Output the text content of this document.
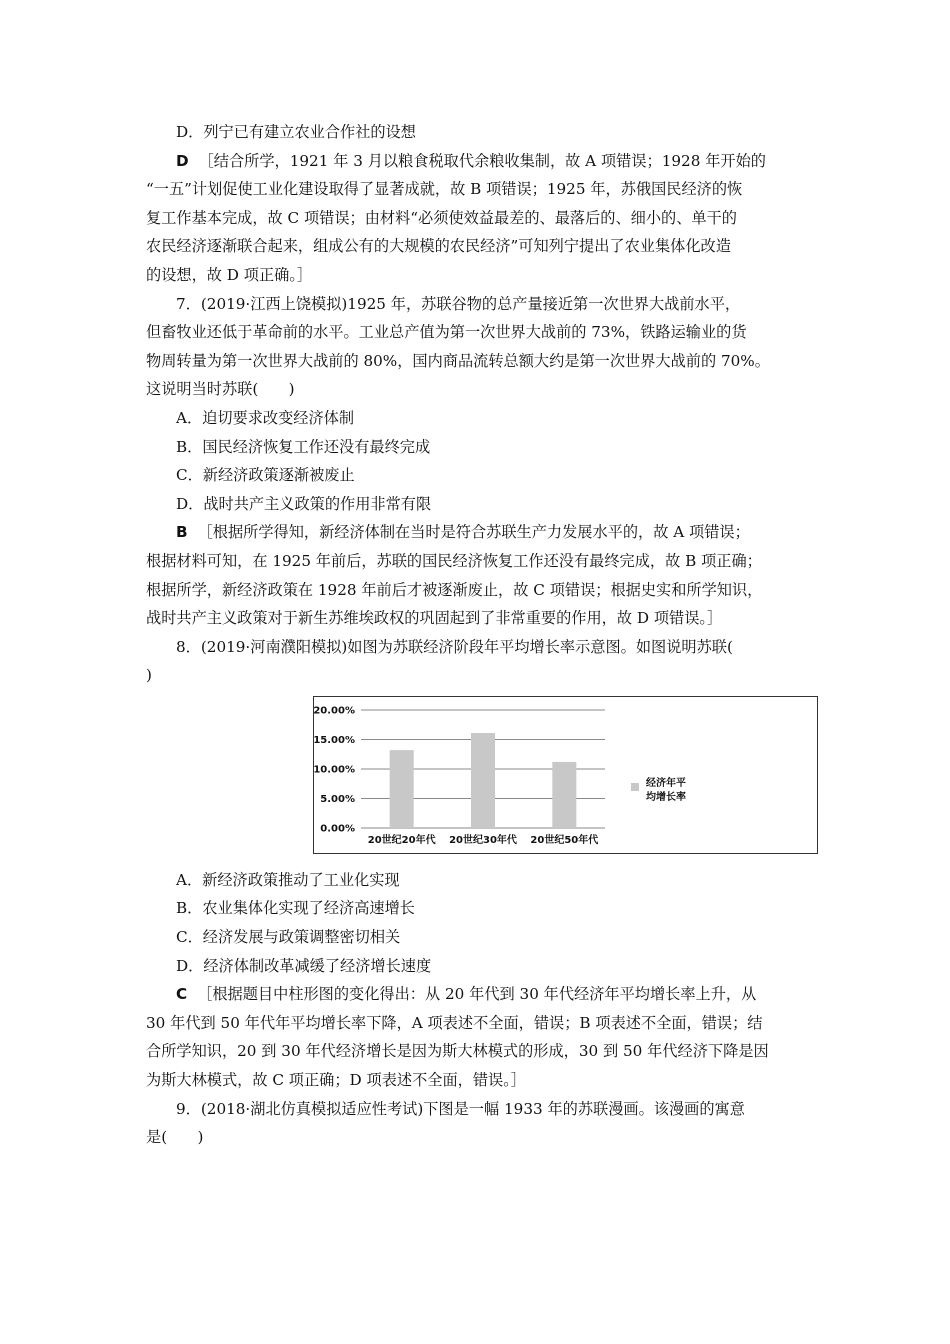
D．列宁已有建立农业合作社的设想
D ［结合所学，1921 年 3 月以粮食税取代余粮收集制，故 A 项错误；1928 年开始的
“一五”计划促使工业化建设取得了显著成就，故 B 项错误；1925 年，苏俄国民经济的恢
复工作基本完成，故 C 项错误；由材料“必须使效益最差的、最落后的、细小的、单干的
农民经济逐渐联合起来，组成公有的大规模的农民经济”可知列宁提出了农业集体化改造
的设想，故 D 项正确。］
7．(2019·江西上饶模拟)1925 年，苏联谷物的总产量接近第一次世界大战前水平，
但畜牧业还低于革命前的水平。工业总产值为第一次世界大战前的 73%，铁路运输业的货
物周转量为第一次世界大战前的 80%，国内商品流转总额大约是第一次世界大战前的 70%。
这说明当时苏联(　　)
A．迫切要求改变经济体制
B．国民经济恢复工作还没有最终完成
C．新经济政策逐渐被废止
D．战时共产主义政策的作用非常有限
B ［根据所学得知，新经济体制在当时是符合苏联生产力发展水平的，故 A 项错误；
根据材料可知，在 1925 年前后，苏联的国民经济恢复工作还没有最终完成，故 B 项正确；
根据所学，新经济政策在 1928 年前后才被逐渐废止，故 C 项错误；根据史实和所学知识，
战时共产主义政策对于新生苏维埃政权的巩固起到了非常重要的作用，故 D 项错误。］
8．(2019·河南濮阳模拟)如图为苏联经济阶段年平均增长率示意图。如图说明苏联(
)
20.00%
15.00%
10.00%
5.00%
0.00%
20世纪20年代 20世纪30年代 20世纪50年代
经济年平
均增长率
A．新经济政策推动了工业化实现
B．农业集体化实现了经济高速增长
C．经济发展与政策调整密切相关
D．经济体制改革减缓了经济增长速度
C ［根据题目中柱形图的变化得出：从 20 年代到 30 年代经济年平均增长率上升，从
30 年代到 50 年代年平均增长率下降，A 项表述不全面，错误；B 项表述不全面，错误；结
合所学知识，20 到 30 年代经济增长是因为斯大林模式的形成，30 到 50 年代经济下降是因
为斯大林模式，故 C 项正确；D 项表述不全面，错误。］
9．(2018·湖北仿真模拟适应性考试)下图是一幅 1933 年的苏联漫画。该漫画的寓意
是(　　)
